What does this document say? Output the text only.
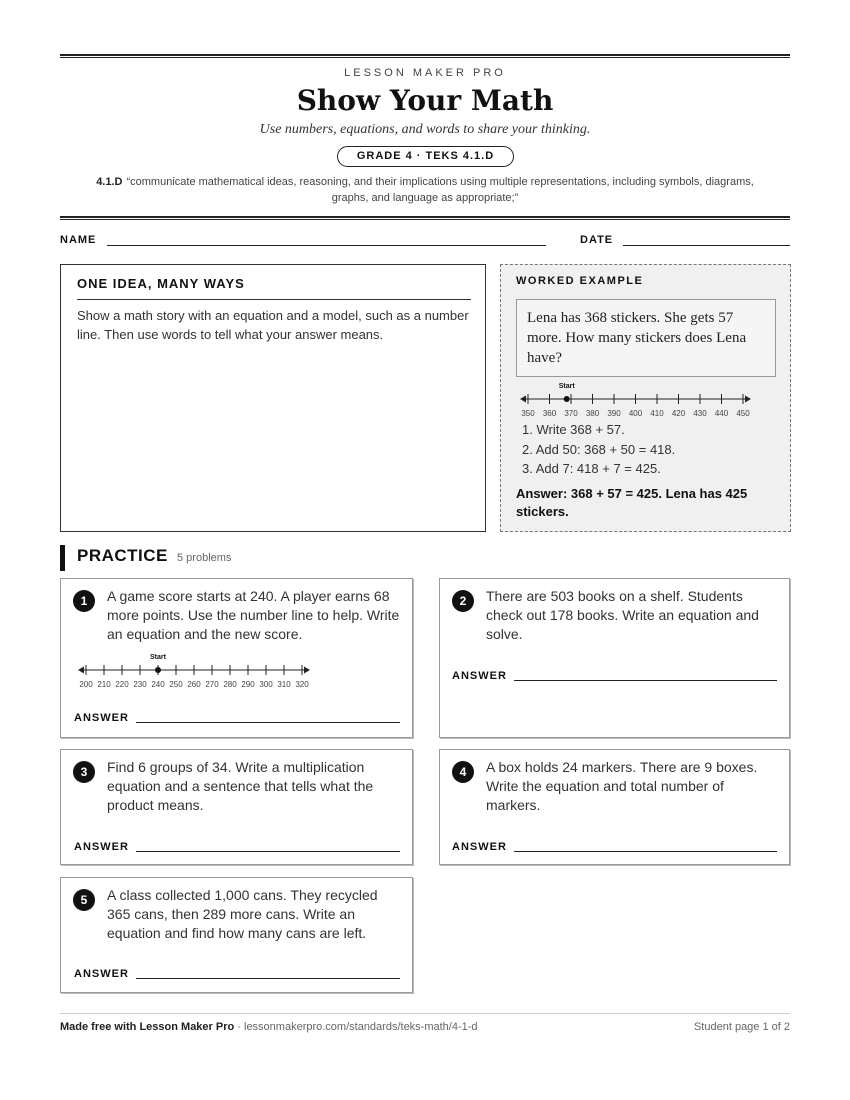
LESSON MAKER PRO
Show Your Math
Use numbers, equations, and words to share your thinking.
GRADE 4 · TEKS 4.1.D
4.1.D “communicate mathematical ideas, reasoning, and their implications using multiple representations, including symbols, diagrams, graphs, and language as appropriate;”
NAME	DATE
ONE IDEA, MANY WAYS
Show a math story with an equation and a model, such as a number line. Then use words to tell what your answer means.
WORKED EXAMPLE
Lena has 368 stickers. She gets 57 more. How many stickers does Lena have?
350 360 370 380 390 400 410 420 430 440 450
Start
1. Write 368 + 57.
2. Add 50: 368 + 50 = 418.
3. Add 7: 418 + 7 = 425.
Answer: 368 + 57 = 425. Lena has 425 stickers.
PRACTICE 5 problems
1	A game score starts at 240. A player earns 68 more points. Use the number line to help. Write an equation and the new score.
200 210 220 230 240 250 260 270 280 290 300 310 320
Start
ANSWER
2	There are 503 books on a shelf. Students check out 178 books. Write an equation and solve.
ANSWER
3	Find 6 groups of 34. Write a multiplication equation and a sentence that tells what the product means.
ANSWER
4	A box holds 24 markers. There are 9 boxes. Write the equation and total number of markers.
ANSWER
5	A class collected 1,000 cans. They recycled 365 cans, then 289 more cans. Write an equation and find how many cans are left.
ANSWER
Made free with Lesson Maker Pro · lessonmakerpro.com/standards/teks-math/4-1-d	Student page 1 of 2
